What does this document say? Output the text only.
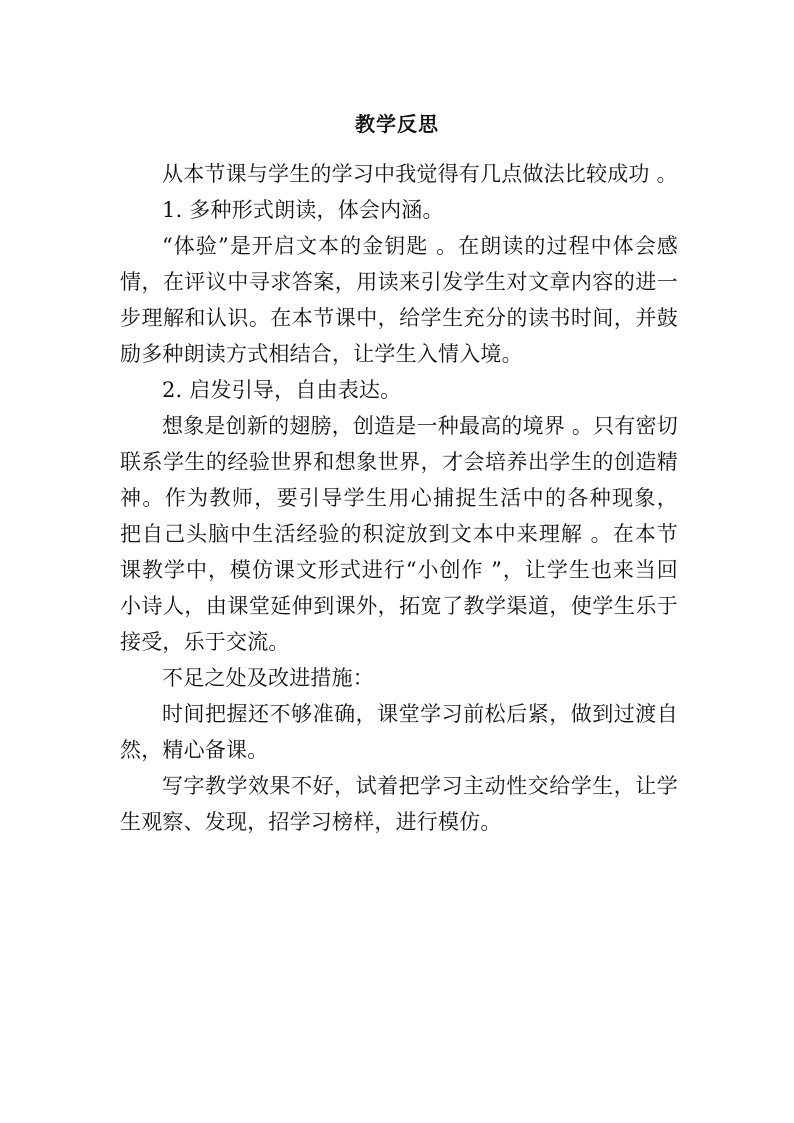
教学反思

从本节课与学生的学习中我觉得有几点做法比较成功 。

1. 多种形式朗读，体会内涵。

“体验”是开启文本的金钥匙 。在朗读的过程中体会感情，在评议中寻求答案，用读来引发学生对文章内容的进一步理解和认识。在本节课中，给学生充分的读书时间，并鼓励多种朗读方式相结合，让学生入情入境。

2. 启发引导，自由表达。

想象是创新的翅膀，创造是一种最高的境界 。只有密切联系学生的经验世界和想象世界，才会培养出学生的创造精神。作为教师，要引导学生用心捕捉生活中的各种现象， 把自己头脑中生活经验的积淀放到文本中来理解 。在本节课教学中，模仿课文形式进行“小创作 ”，让学生也来当回小诗人，由课堂延伸到课外，拓宽了教学渠道，使学生乐于接受，乐于交流。

不足之处及改进措施：

时间把握还不够准确，课堂学习前松后紧，做到过渡自然，精心备课。

写字教学效果不好，试着把学习主动性交给学生，让学生观察、发现，招学习榜样，进行模仿。
